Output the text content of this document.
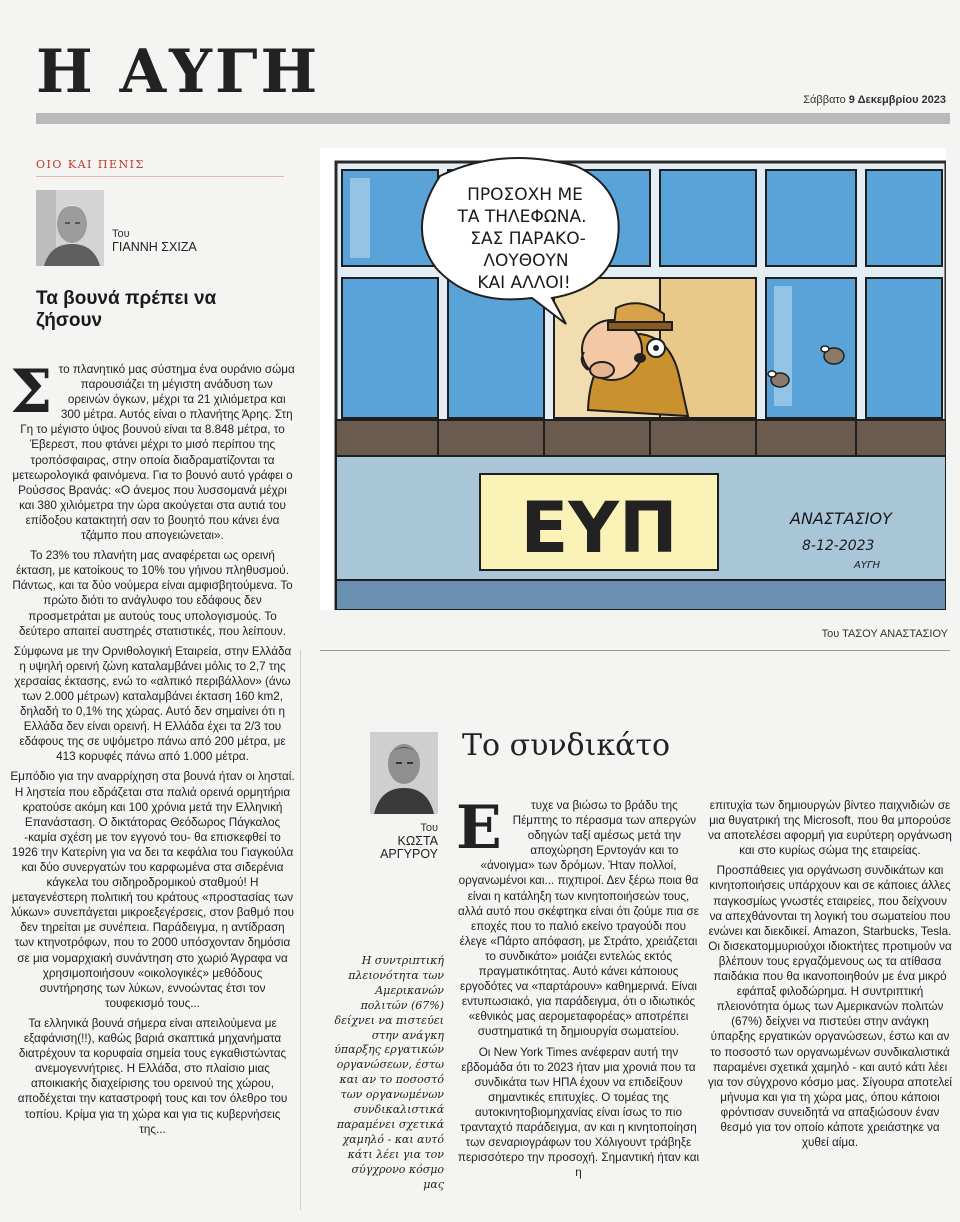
Η ΑΥΓΗ	Σάββατο 9 Δεκεμβρίου 2023
ΟΙΟ ΚΑΙ ΠΕΝΙΣ
Του
ΓΙΑΝΝΗ ΣΧΙΖΑ
Τα βουνά πρέπει να ζήσουν

Στο πλανητικό μας σύστημα ένα ουράνιο σώμα παρουσιάζει τη μέγιστη ανάδυση των ορεινών όγκων, μέχρι τα 21 χιλιόμετρα και 300 μέτρα. Αυτός είναι ο πλανήτης Άρης. Στη Γη το μέγιστο ύψος βουνού είναι τα 8.848 μέτρα, το Έβερεστ, που φτάνει μέχρι το μισό περίπου της τροπόσφαιρας, στην οποία διαδραματίζονται τα μετεωρολογικά φαινόμενα. Για το βουνό αυτό γράφει ο Ρούσσος Βρανάς: «Ο άνεμος που λυσσομανά μέχρι και 380 χιλιόμετρα την ώρα ακούγεται στα αυτιά του επίδοξου κατακτητή σαν το βουητό που κάνει ένα τζάμπο που απογειώνεται».

Το 23% του πλανήτη μας αναφέρεται ως ορεινή έκταση, με κατοίκους το 10% του γήινου πληθυσμού. Πάντως, και τα δύο νούμερα είναι αμφισβητούμενα. Το πρώτο διότι το ανάγλυφο του εδάφους δεν προσμετράται με αυτούς τους υπολογισμούς. Το δεύτερο απαιτεί αυστηρές στατιστικές, που λείπουν.

Σύμφωνα με την Ορνιθολογική Εταιρεία, στην Ελλάδα η υψηλή ορεινή ζώνη καταλαμβάνει μόλις το 2,7 της χερσαίας έκτασης, ενώ το «αλπικό περιβάλλον» (άνω των 2.000 μέτρων) καταλαμβάνει έκταση 160 km2, δηλαδή το 0,1% της χώρας. Αυτό δεν σημαίνει ότι η Ελλάδα δεν είναι ορεινή. Η Ελλάδα έχει τα 2/3 του εδάφους της σε υψόμετρο πάνω από 200 μέτρα, με 413 κορυφές πάνω από 1.000 μέτρα.

Εμπόδιο για την αναρρίχηση στα βουνά ήταν οι λησταί. Η ληστεία που εδράζεται στα παλιά ορεινά ορμητήρια κρατούσε ακόμη και 100 χρόνια μετά την Ελληνική Επανάσταση. Ο δικτάτορας Θεόδωρος Πάγκαλος -καμία σχέση με τον εγγονό του- θα επισκεφθεί το 1926 την Κατερίνη για να δει τα κεφάλια του Γιαγκούλα και δύο συνεργατών του καρφωμένα στα σιδερένια κάγκελα του σιδηροδρομικού σταθμού! Η μεταγενέστερη πολιτική του κράτους «προστασίας των λύκων» συνεπάγεται μικροεξεγέρσεις, στον βαθμό που δεν τηρείται με συνέπεια. Παράδειγμα, η αντίδραση των κτηνοτρόφων, που το 2000 υπόσχονταν δημόσια σε μια νομαρχιακή συνάντηση στο χωριό Άγραφα να χρησιμοποιήσουν «οικολογικές» μεθόδους συντήρησης των λύκων, εννοώντας έτσι τον τουφεκισμό τους...

Τα ελληνικά βουνά σήμερα είναι απειλούμενα με εξαφάνιση(!!), καθώς βαριά σκαπτικά μηχανήματα διατρέχουν τα κορυφαία σημεία τους εγκαθιστώντας ανεμογεννήτριες. Η Ελλάδα, στο πλαίσιο μιας αποικιακής διαχείρισης του ορεινού της χώρου, αποδέχεται την καταστροφή τους και τον όλεθρο του τοπίου. Κρίμα για τη χώρα και για τις κυβερνήσεις της...

ΕΥΠ
ΠΡΟΣΟΧΗ ΜΕ
ΤΑ ΤΗΛΕΦΩΝΑ.
ΣΑΣ ΠΑΡΑΚΟ-
ΛΟΥΘΟΥΝ
ΚΑΙ ΑΛΛΟΙ!
ΑΝΑΣΤΑΣΙΟΥ
8-12-2023
ΑΥΓΗ
Του ΤΑΣΟΥ ΑΝΑΣΤΑΣΙΟΥ
Του
ΚΩΣΤΑ ΑΡΓΥΡΟΥ
Το συνδικάτο
Η συντριπτική πλειονότητα των Αμερικανών πολιτών (67%) δείχνει να πιστεύει στην ανάγκη ύπαρξης εργατικών οργανώσεων, έστω και αν το ποσοστό των οργανωμένων συνδικαλιστικά παραμένει σχετικά χαμηλό - και αυτό κάτι λέει για τον σύγχρονο κόσμο μας

Ε	τυχε να βιώσω το βράδυ της Πέμπτης το πέρασμα των απεργών οδηγών ταξί αμέσως μετά την αποχώρηση Ερντογάν και το «άνοιγμα» των δρόμων. Ήταν πολλοί, οργανωμένοι και... πιχπιροί. Δεν ξέρω ποια θα είναι η κατάληξη των κινητοποιήσεών τους, αλλά αυτό που σκέφτηκα είναι ότι ζούμε πια σε εποχές που το παλιό εκείνο τραγούδι που έλεγε «Πάρτο απόφαση, με Στράτο, χρειάζεται το συνδικάτο» μοιάζει εντελώς εκτός πραγματικότητας. Αυτό κάνει κάποιους εργοδότες να «παρτάρουν» καθημερινά. Είναι εντυπωσιακό, για παράδειγμα, ότι ο ιδιωτικός «εθνικός μας αερομεταφορέας» αποτρέπει συστηματικά τη δημιουργία σωματείου.

Οι New York Times ανέφεραν αυτή την εβδομάδα ότι το 2023 ήταν μια χρονιά που τα συνδικάτα των ΗΠΑ έχουν να επιδείξουν σημαντικές επιτυχίες. Ο τομέας της αυτοκινητοβιομηχανίας είναι ίσως το πιο τρανταχτό παράδειγμα, αν και η κινητοποίηση των σεναριογράφων του Χόλιγουντ τράβηξε περισσότερο την προσοχή. Σημαντική ήταν και η

επιτυχία των δημιουργών βίντεο παιχνιδιών σε μια θυγατρική της Microsoft, που θα μπορούσε να αποτελέσει αφορμή για ευρύτερη οργάνωση και στο κυρίως σώμα της εταιρείας.

Προσπάθειες για οργάνωση συνδικάτων και κινητοποιήσεις υπάρχουν και σε κάποιες άλλες παγκοσμίως γνωστές εταιρείες, που δείχνουν να απεχθάνονται τη λογική του σωματείου που ενώνει και διεκδικεί. Amazon, Starbucks, Tesla. Οι δισεκατομμυριούχοι ιδιοκτήτες προτιμούν να βλέπουν τους εργαζόμενους ως τα ατίθασα παιδάκια που θα ικανοποιηθούν με ένα μικρό εφάπαξ φιλοδώρημα. Η συντριπτική πλειονότητα όμως των Αμερικανών πολιτών (67%) δείχνει να πιστεύει στην ανάγκη ύπαρξης εργατικών οργανώσεων, έστω και αν το ποσοστό των οργανωμένων συνδικαλιστικά παραμένει σχετικά χαμηλό - και αυτό κάτι λέει για τον σύγχρονο κόσμο μας. Σίγουρα αποτελεί μήνυμα και για τη χώρα μας, όπου κάποιοι φρόντισαν συνειδητά να απαξιώσουν έναν θεσμό για τον οποίο κάποτε χρειάστηκε να χυθεί αίμα.
